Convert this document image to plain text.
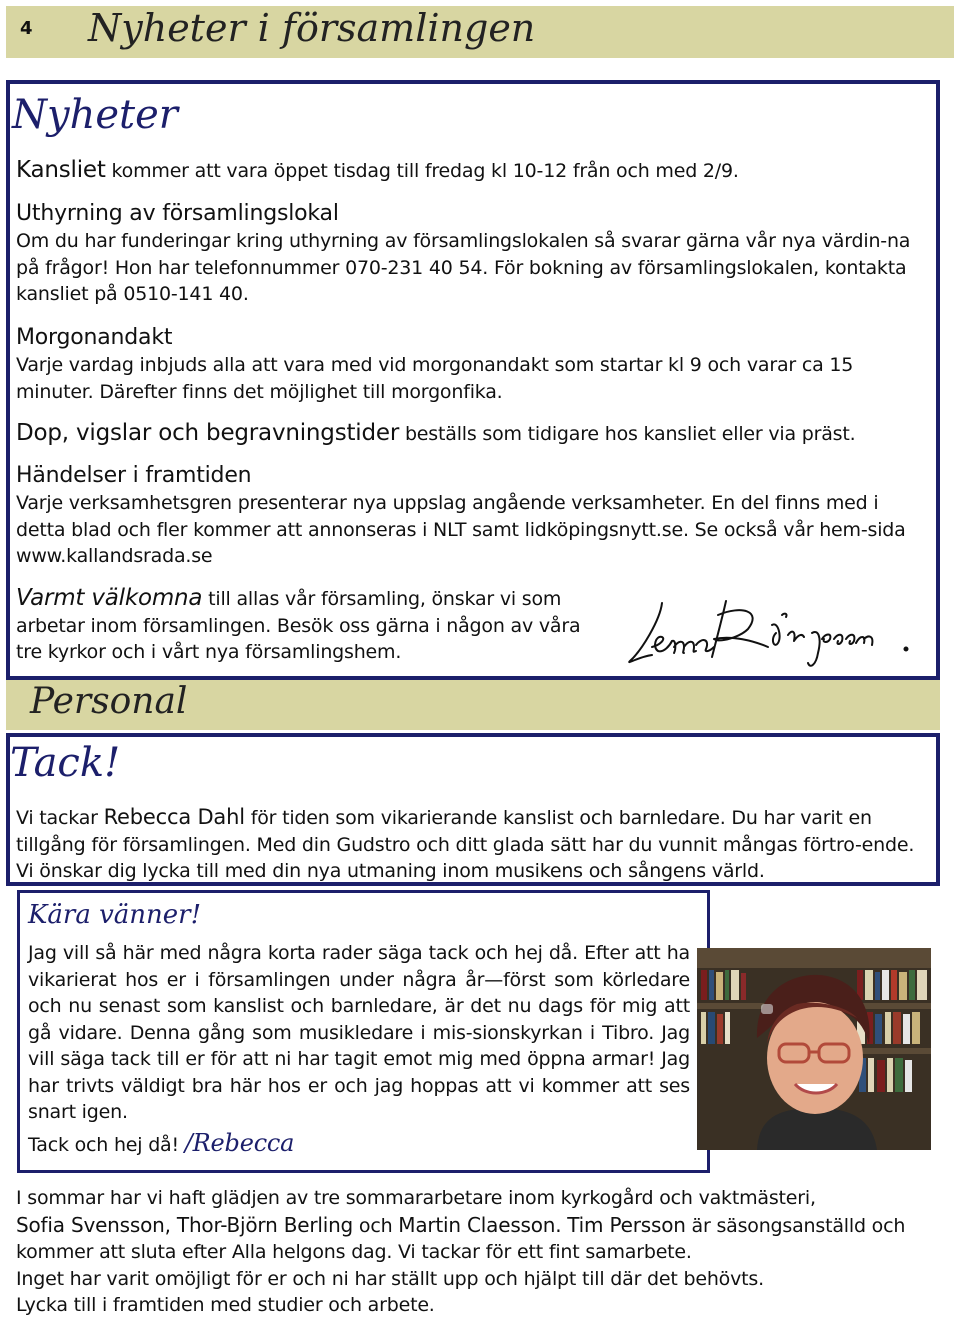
4 Nyheter i församlingen
Nyheter
Kansliet kommer att vara öppet tisdag till fredag kl 10-12 från och med 2/9.
Uthyrning av församlingslokal
Om du har funderingar kring uthyrning av församlingslokalen så svarar gärna vår nya värdin-na på frågor! Hon har telefonnummer 070-231 40 54. För bokning av församlingslokalen, kontakta kansliet på 0510-141 40.
Morgonandakt
Varje vardag inbjuds alla att vara med vid morgonandakt som startar kl 9 och varar ca 15 minuter. Därefter finns det möjlighet till morgonfika.
Dop, vigslar och begravningstider beställs som tidigare hos kansliet eller via präst.
Händelser i framtiden
Varje verksamhetsgren presenterar nya uppslag angående verksamheter. En del finns med i detta blad och fler kommer att annonseras i NLT samt lidköpingsnytt.se. Se också vår hem-sida www.kallandsrada.se
Varmt välkomna till allas vår församling, önskar vi som arbetar inom församlingen. Besök oss gärna i någon av våra tre kyrkor och i vårt nya församlingshem.
Personal
Tack!
Vi tackar Rebecca Dahl för tiden som vikarierande kanslist och barnledare. Du har varit en tillgång för församlingen. Med din Gudstro och ditt glada sätt har du vunnit mångas förtro-ende. Vi önskar dig lycka till med din nya utmaning inom musikens och sångens värld.
Kära vänner!
Jag vill så här med några korta rader säga tack och hej då. Efter att ha vikarierat hos er i församlingen under några år—först som körledare och nu senast som kanslist och barnledare, är det nu dags för mig att gå vidare. Denna gång som musikledare i mis-sionskyrkan i Tibro. Jag vill säga tack till er för att ni har tagit emot mig med öppna armar! Jag har trivts väldigt bra här hos er och jag hoppas att vi kommer att ses snart igen.
Tack och hej då! /Rebecca
I sommar har vi haft glädjen av tre sommararbetare inom kyrkogård och vaktmästeri,
Sofia Svensson, Thor-Björn Berling och Martin Claesson. Tim Persson är säsongsanställd och kommer att sluta efter Alla helgons dag. Vi tackar för ett fint samarbete.
Inget har varit omöjligt för er och ni har ställt upp och hjälpt till där det behövts.
Lycka till i framtiden med studier och arbete.
